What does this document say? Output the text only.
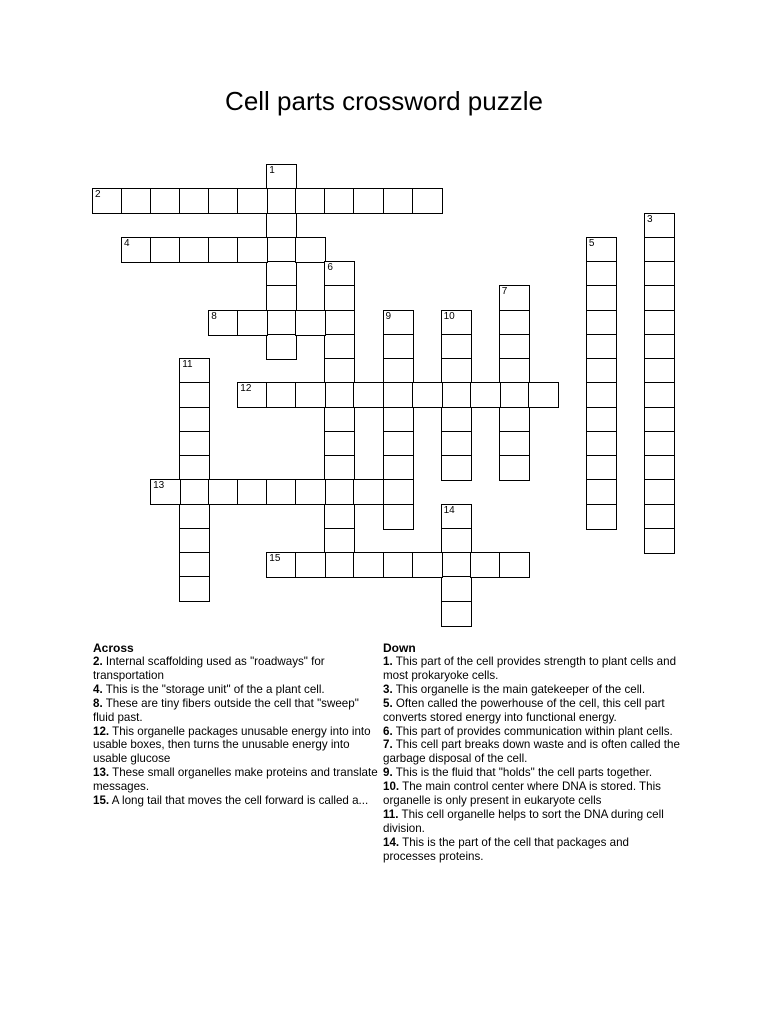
Cell parts crossword puzzle
1
2
3
4	5
6
7
8	9	10
11
12
13
14
15
Across
2. Internal scaffolding used as "roadways" for transportation
4. This is the "storage unit" of the a plant cell.
8. These are tiny fibers outside the cell that "sweep" fluid past.
12. This organelle packages unusable energy into into usable boxes, then turns the unusable energy into usable glucose
13. These small organelles make proteins and translate messages.
15. A long tail that moves the cell forward is called a...
Down
1. This part of the cell provides strength to plant cells and most prokaryoke cells.
3. This organelle is the main gatekeeper of the cell.
5. Often called the powerhouse of the cell, this cell part converts stored energy into functional energy.
6. This part of provides communication within plant cells.
7. This cell part breaks down waste and is often called the garbage disposal of the cell.
9. This is the fluid that "holds" the cell parts together.
10. The main control center where DNA is stored. This organelle is only present in eukaryote cells
11. This cell organelle helps to sort the DNA during cell division.
14. This is the part of the cell that packages and processes proteins.
